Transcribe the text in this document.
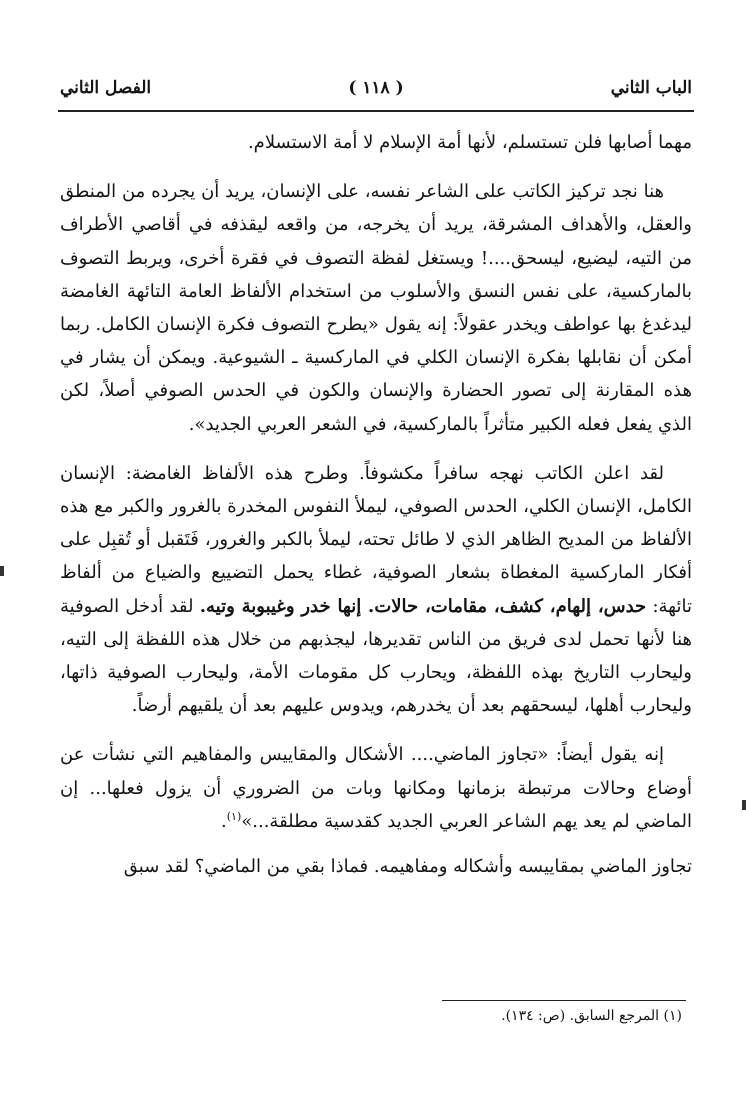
الباب الثاني
( ١١٨ )
الفصل الثاني

مهما أصابها فلن تستسلم، لأنها أمة الإسلام لا أمة الاستسلام.

هنا نجد تركيز الكاتب على الشاعر نفسه، على الإنسان، يريد أن يجرده من المنطق والعقل، والأهداف المشرقة، يريد أن يخرجه، من واقعه ليقذفه في أقاصي الأطراف من التيه، ليضيع، ليسحق....! ويستغل لفظة التصوف في فقرة أخرى، ويربط التصوف بالماركسية، على نفس النسق والأسلوب من استخدام الألفاظ العامة التائهة الغامضة ليدغدغ بها عواطف ويخدر عقولاً: إنه يقول «يطرح التصوف فكرة الإنسان الكامل. ربما أمكن أن نقابلها بفكرة الإنسان الكلي في الماركسية ـ الشيوعية. ويمكن أن يشار في هذه المقارنة إلى تصور الحضارة والإنسان والكون في الحدس الصوفي أصلاً، لكن الذي يفعل فعله الكبير متأثراً بالماركسية، في الشعر العربي الجديد».

لقد اعلن الكاتب نهجه سافراً مكشوفاً. وطرح هذه الألفاظ الغامضة: الإنسان الكامل، الإنسان الكلي، الحدس الصوفي، ليملأ النفوس المخدرة بالغرور والكبر مع هذه الألفاظ من المديح الظاهر الذي لا طائل تحته، ليملأ بالكبر والغرور، فَتَقبل أو تُقبِل على أفكار الماركسية المغطاة بشعار الصوفية، غطاء يحمل التضييع والضياع من ألفاظ تائهة: حدس، إلهام، كشف، مقامات، حالات. إنها خدر وغيبوبة وتيه. لقد أدخل الصوفية هنا لأنها تحمل لدى فريق من الناس تقديرها، ليجذبهم من خلال هذه اللفظة إلى التيه، وليحارب التاريخ بهذه اللفظة، ويحارب كل مقومات الأمة، وليحارب الصوفية ذاتها، وليحارب أهلها، ليسحقهم بعد أن يخدرهم، ويدوس عليهم بعد أن يلقيهم أرضاً.

إنه يقول أيضاً: «تجاوز الماضي.... الأشكال والمقاييس والمفاهيم التي نشأت عن أوضاع وحالات مرتبطة بزمانها ومكانها وبات من الضروري أن يزول فعلها... إن الماضي لم يعد يهم الشاعر العربي الجديد كقدسية مطلقة...»$^{(١)}$.

تجاوز الماضي بمقاييسه وأشكاله ومفاهيمه. فماذا بقي من الماضي؟ لقد سبق

(١) المرجع السابق. (ص: ١٣٤).
